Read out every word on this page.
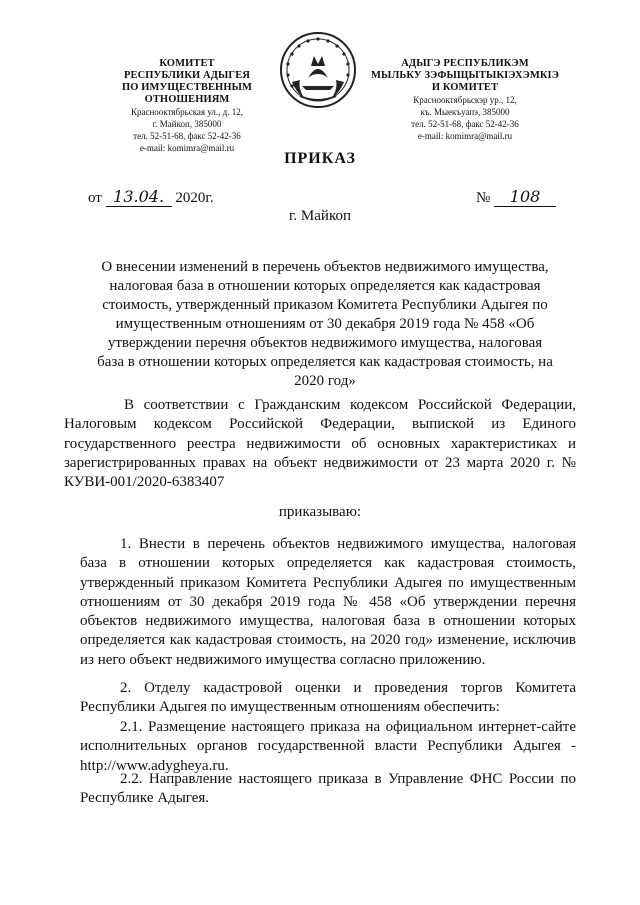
КОМИТЕТ
РЕСПУБЛИКИ АДЫГЕЯ
ПО ИМУЩЕСТВЕННЫМ ОТНОШЕНИЯМ
Краснооктябрьская ул., д. 12,
г. Майкоп, 385000
тел. 52-51-68, факс 52-42-36
e-mail: komimra@mail.ru
АДЫГЭ РЕСПУБЛИКЭМ
МЫЛЬКУ ЗЭФЫЩЫТЫКІЭХЭМКІЭ
И КОМИТЕТ
Краснооктябрьскэр ур., 12,
къ. Мыекъуапэ, 385000
тел. 52-51-68, факс 52-42-36
e-mail: komimra@mail.ru
ПРИКАЗ
от 13.04. 2020г.	№ 108
г. Майкоп
О внесении изменений в перечень объектов недвижимого имущества, налоговая база в отношении которых определяется как кадастровая стоимость, утвержденный приказом Комитета Республики Адыгея по имущественным отношениям от 30 декабря 2019 года № 458 «Об утверждении перечня объектов недвижимого имущества, налоговая база в отношении которых определяется как кадастровая стоимость, на 2020 год»
В соответствии с Гражданским кодексом Российской Федерации, Налоговым кодексом Российской Федерации, выпиской из Единого государственного реестра недвижимости об основных характеристиках и зарегистрированных правах на объект недвижимости от 23 марта 2020 г. № КУВИ-001/2020-6383407
приказываю:
1. Внести в перечень объектов недвижимого имущества, налоговая база в отношении которых определяется как кадастровая стоимость, утвержденный приказом Комитета Республики Адыгея по имущественным отношениям от 30 декабря 2019 года № 458 «Об утверждении перечня объектов недвижимого имущества, налоговая база в отношении которых определяется как кадастровая стоимость, на 2020 год» изменение, исключив из него объект недвижимого имущества согласно приложению.
2. Отделу кадастровой оценки и проведения торгов Комитета Республики Адыгея по имущественным отношениям обеспечить:
2.1. Размещение настоящего приказа на официальном интернет-сайте исполнительных органов государственной власти Республики Адыгея - http://www.adygheya.ru.
2.2. Направление настоящего приказа в Управление ФНС России по Республике Адыгея.
